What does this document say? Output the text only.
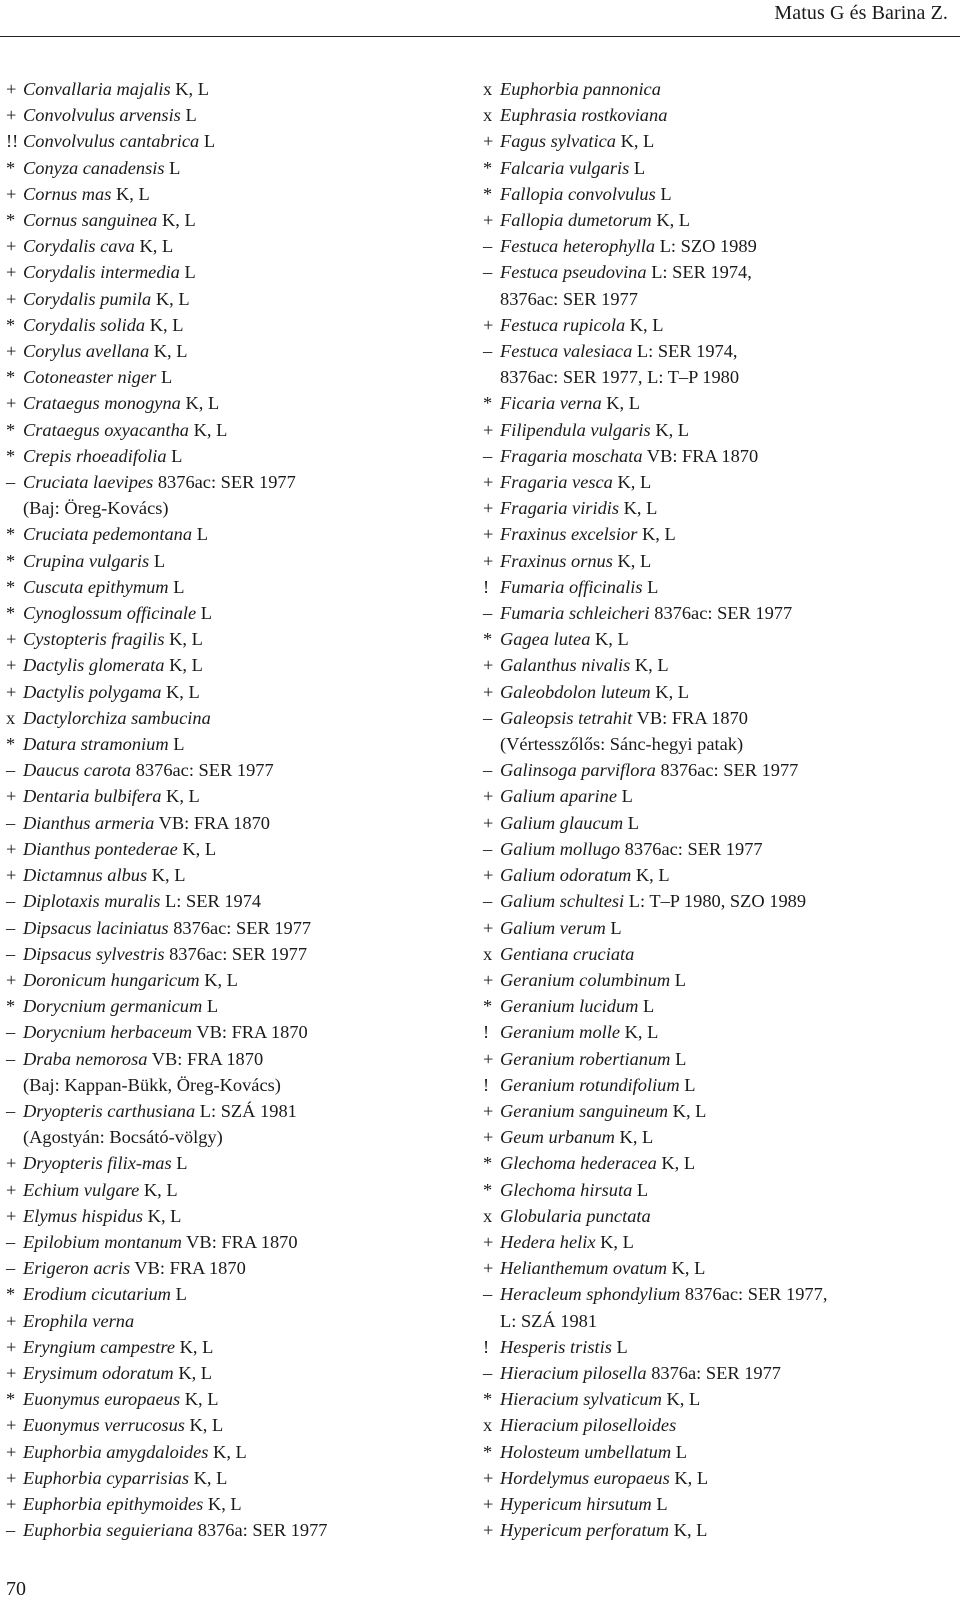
Matus G és Barina Z.
+ Convallaria majalis K, L
+ Convolvulus arvensis L
!! Convolvulus cantabrica L
* Conyza canadensis L
+ Cornus mas K, L
* Cornus sanguinea K, L
+ Corydalis cava K, L
+ Corydalis intermedia L
+ Corydalis pumila K, L
* Corydalis solida K, L
+ Corylus avellana K, L
* Cotoneaster niger L
+ Crataegus monogyna K, L
* Crataegus oxyacantha K, L
* Crepis rhoeadifolia L
– Cruciata laevipes 8376ac: SER 1977
(Baj: Öreg-Kovács)
* Cruciata pedemontana L
* Crupina vulgaris L
* Cuscuta epithymum L
* Cynoglossum officinale L
+ Cystopteris fragilis K, L
+ Dactylis glomerata K, L
+ Dactylis polygama K, L
x Dactylorchiza sambucina
* Datura stramonium L
– Daucus carota 8376ac: SER 1977
+ Dentaria bulbifera K, L
– Dianthus armeria VB: FRA 1870
+ Dianthus pontederae K, L
+ Dictamnus albus K, L
– Diplotaxis muralis L: SER 1974
– Dipsacus laciniatus 8376ac: SER 1977
– Dipsacus sylvestris 8376ac: SER 1977
+ Doronicum hungaricum K, L
* Dorycnium germanicum L
– Dorycnium herbaceum VB: FRA 1870
– Draba nemorosa VB: FRA 1870
(Baj: Kappan-Bükk, Öreg-Kovács)
– Dryopteris carthusiana L: SZÁ 1981
(Agostyán: Bocsátó-völgy)
+ Dryopteris filix-mas L
+ Echium vulgare K, L
+ Elymus hispidus K, L
– Epilobium montanum VB: FRA 1870
– Erigeron acris VB: FRA 1870
* Erodium cicutarium L
+ Erophila verna
+ Eryngium campestre K, L
+ Erysimum odoratum K, L
* Euonymus europaeus K, L
+ Euonymus verrucosus K, L
+ Euphorbia amygdaloides K, L
+ Euphorbia cyparrisias K, L
+ Euphorbia epithymoides K, L
– Euphorbia seguieriana 8376a: SER 1977
x Euphorbia pannonica
x Euphrasia rostkoviana
+ Fagus sylvatica K, L
* Falcaria vulgaris L
* Fallopia convolvulus L
+ Fallopia dumetorum K, L
– Festuca heterophylla L: SZO 1989
– Festuca pseudovina L: SER 1974,
8376ac: SER 1977
+ Festuca rupicola K, L
– Festuca valesiaca L: SER 1974,
8376ac: SER 1977, L: T–P 1980
* Ficaria verna K, L
+ Filipendula vulgaris K, L
– Fragaria moschata VB: FRA 1870
+ Fragaria vesca K, L
+ Fragaria viridis K, L
+ Fraxinus excelsior K, L
+ Fraxinus ornus K, L
! Fumaria officinalis L
– Fumaria schleicheri 8376ac: SER 1977
* Gagea lutea K, L
+ Galanthus nivalis K, L
+ Galeobdolon luteum K, L
– Galeopsis tetrahit VB: FRA 1870
(Vértesszőlős: Sánc-hegyi patak)
– Galinsoga parviflora 8376ac: SER 1977
+ Galium aparine L
+ Galium glaucum L
– Galium mollugo 8376ac: SER 1977
+ Galium odoratum K, L
– Galium schultesi L: T–P 1980, SZO 1989
+ Galium verum L
x Gentiana cruciata
+ Geranium columbinum L
* Geranium lucidum L
! Geranium molle K, L
+ Geranium robertianum L
! Geranium rotundifolium L
+ Geranium sanguineum K, L
+ Geum urbanum K, L
* Glechoma hederacea K, L
* Glechoma hirsuta L
x Globularia punctata
+ Hedera helix K, L
+ Helianthemum ovatum K, L
– Heracleum sphondylium 8376ac: SER 1977,
L: SZÁ 1981
! Hesperis tristis L
– Hieracium pilosella 8376a: SER 1977
* Hieracium sylvaticum K, L
x Hieracium piloselloides
* Holosteum umbellatum L
+ Hordelymus europaeus K, L
+ Hypericum hirsutum L
+ Hypericum perforatum K, L
70
